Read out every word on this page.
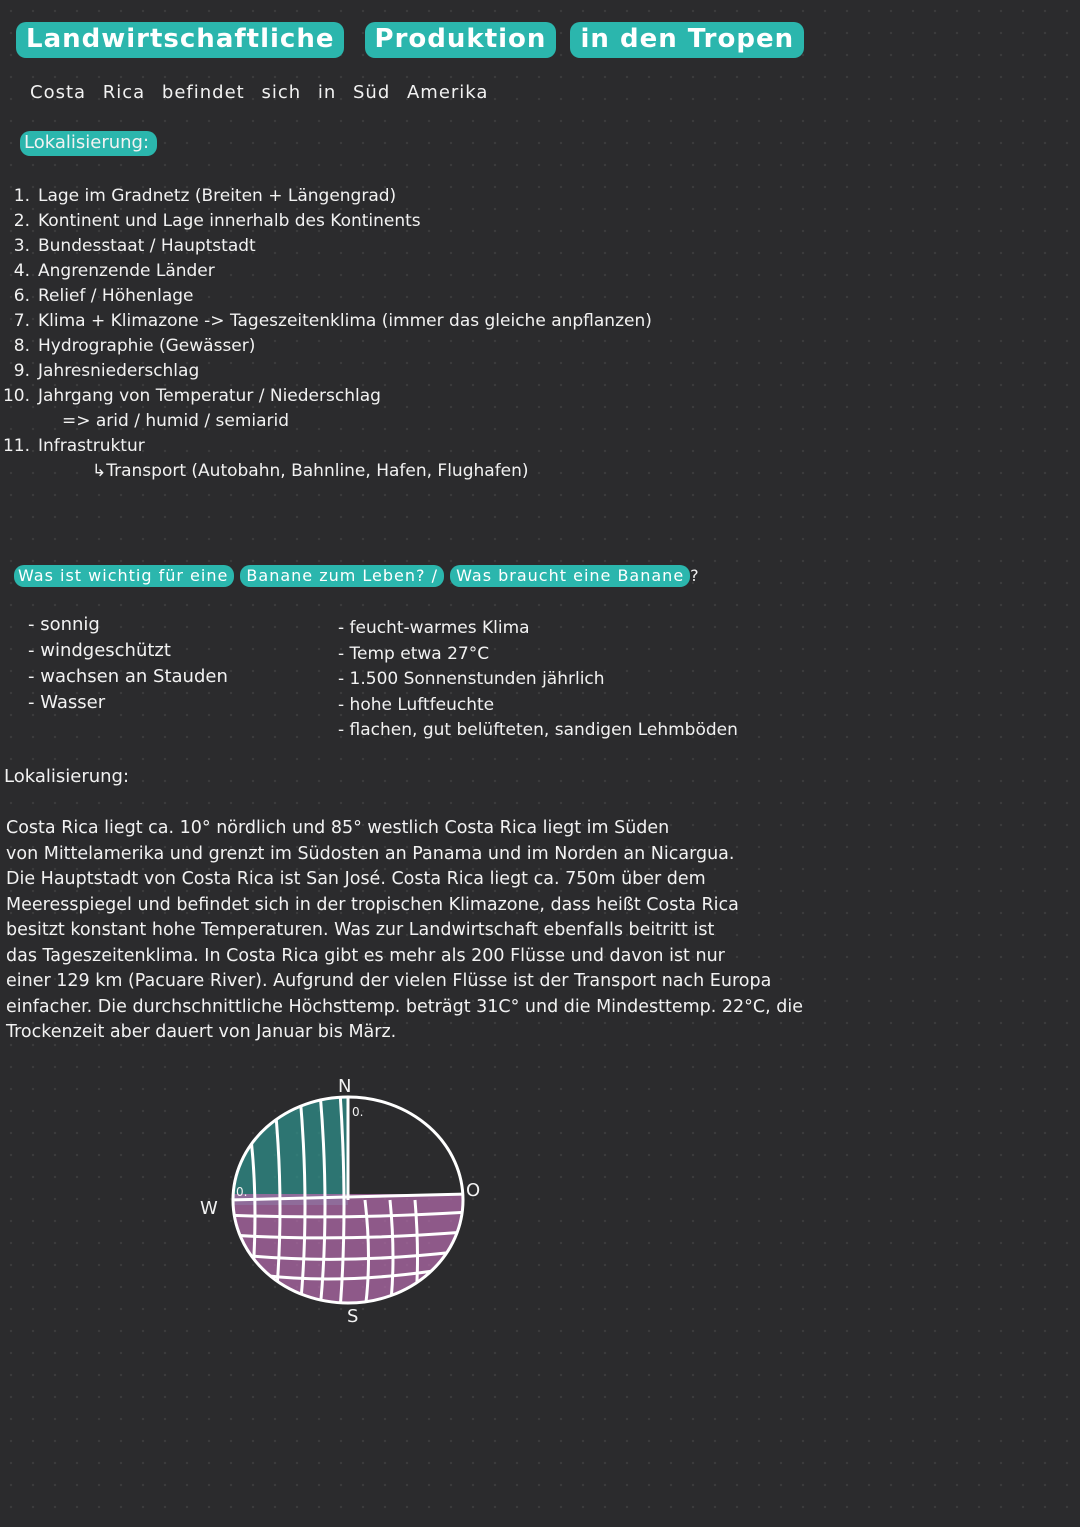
Landwirtschaftliche Produktion in den Tropen
Costa Rica befindet sich in Süd Amerika
Lokalisierung:
1. Lage im Gradnetz (Breiten + Längengrad)
2. Kontinent und Lage innerhalb des Kontinents
3. Bundesstaat / Hauptstadt
4. Angrenzende Länder
6. Relief / Höhenlage
7. Klima + Klimazone -> Tageszeitenklima (immer das gleiche anpflanzen)
8. Hydrographie (Gewässer)
9. Jahresniederschlag
10. Jahrgang von Temperatur / Niederschlag
=> arid / humid / semiarid
11. Infrastruktur
↳Transport (Autobahn, Bahnline, Hafen, Flughafen)
Was ist wichtig für eine Banane zum Leben? / Was braucht eine Banane ?
- sonnig
- windgeschützt
- wachsen an Stauden
- Wasser
- feucht-warmes Klima
- Temp etwa 27°C
- 1.500 Sonnenstunden jährlich
- hohe Luftfeuchte
- flachen, gut belüfteten, sandigen Lehmböden
Lokalisierung:
Costa Rica liegt ca. 10° nördlich und 85° westlich Costa Rica liegt im Süden
von Mittelamerika und grenzt im Südosten an Panama und im Norden an Nicargua.
Die Hauptstadt von Costa Rica ist San José. Costa Rica liegt ca. 750m über dem
Meeresspiegel und befindet sich in der tropischen Klimazone, dass heißt Costa Rica
besitzt konstant hohe Temperaturen. Was zur Landwirtschaft ebenfalls beitritt ist
das Tageszeitenklima. In Costa Rica gibt es mehr als 200 Flüsse und davon ist nur
einer 129 km (Pacuare River). Aufgrund der vielen Flüsse ist der Transport nach Europa
einfacher. Die durchschnittliche Höchsttemp. beträgt 31C° und die Mindesttemp. 22°C, die
Trockenzeit aber dauert von Januar bis März.
N
S
W
O
0.
0.
